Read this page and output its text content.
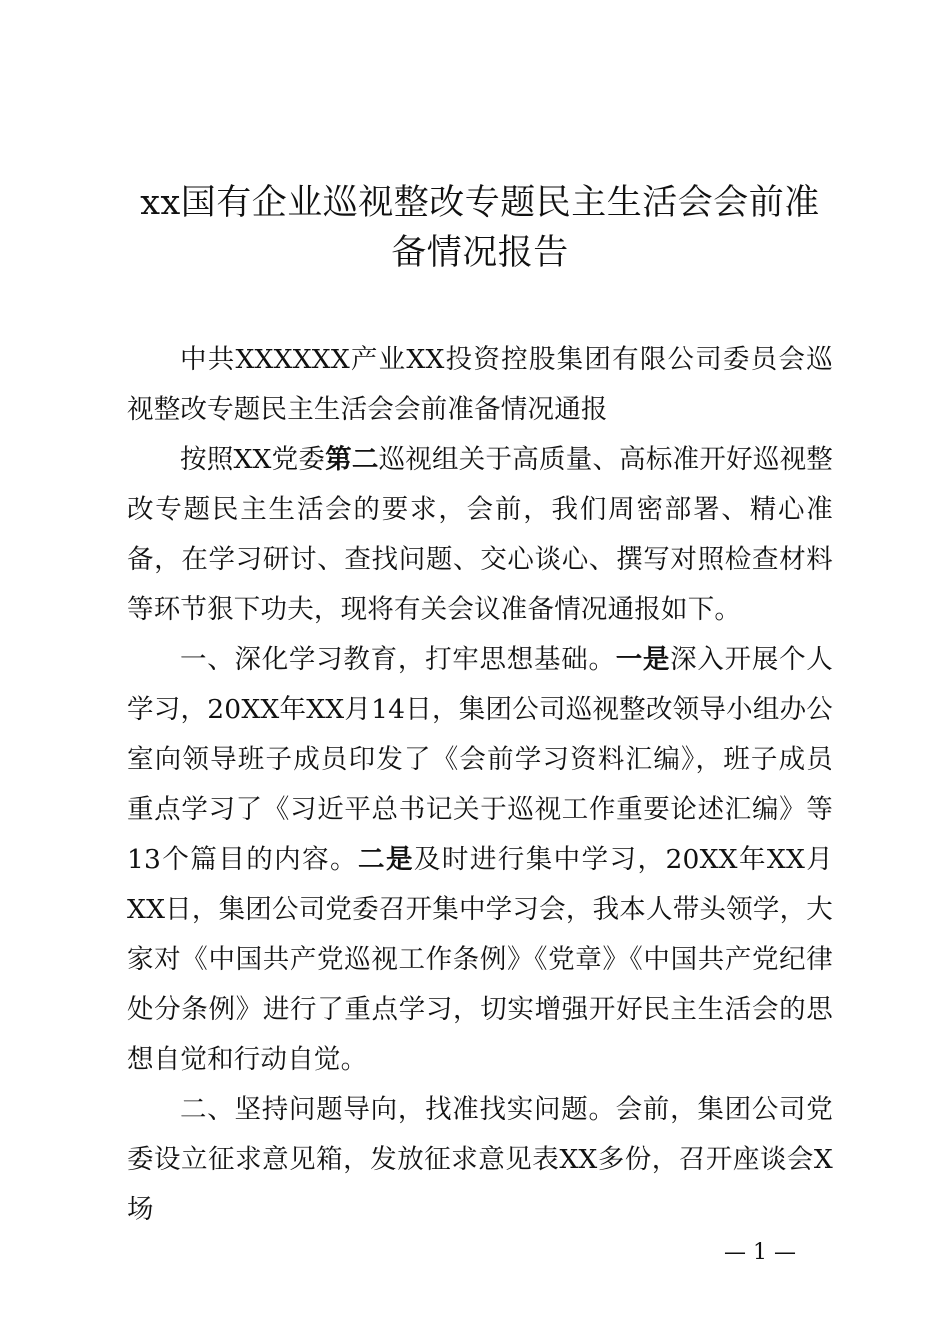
xx国有企业巡视整改专题民主生活会会前准备情况报告

中共XXXXXX产业XX投资控股集团有限公司委员会巡视整改专题民主生活会会前准备情况通报

按照XX党委第二巡视组关于高质量、高标准开好巡视整改专题民主生活会的要求，会前，我们周密部署、精心准备，在学习研讨、查找问题、交心谈心、撰写对照检查材料等环节狠下功夫，现将有关会议准备情况通报如下。

一、深化学习教育，打牢思想基础。一是深入开展个人学习，20XX年XX月14日，集团公司巡视整改领导小组办公室向领导班子成员印发了《会前学习资料汇编》，班子成员重点学习了《习近平总书记关于巡视工作重要论述汇编》等13个篇目的内容。二是及时进行集中学习，20XX年XX月XX日，集团公司党委召开集中学习会，我本人带头领学，大家对《中国共产党巡视工作条例》《党章》《中国共产党纪律处分条例》进行了重点学习，切实增强开好民主生活会的思想自觉和行动自觉。

二、坚持问题导向，找准找实问题。会前，集团公司党委设立征求意见箱，发放征求意见表XX多份，召开座谈会X场

— 1 —
